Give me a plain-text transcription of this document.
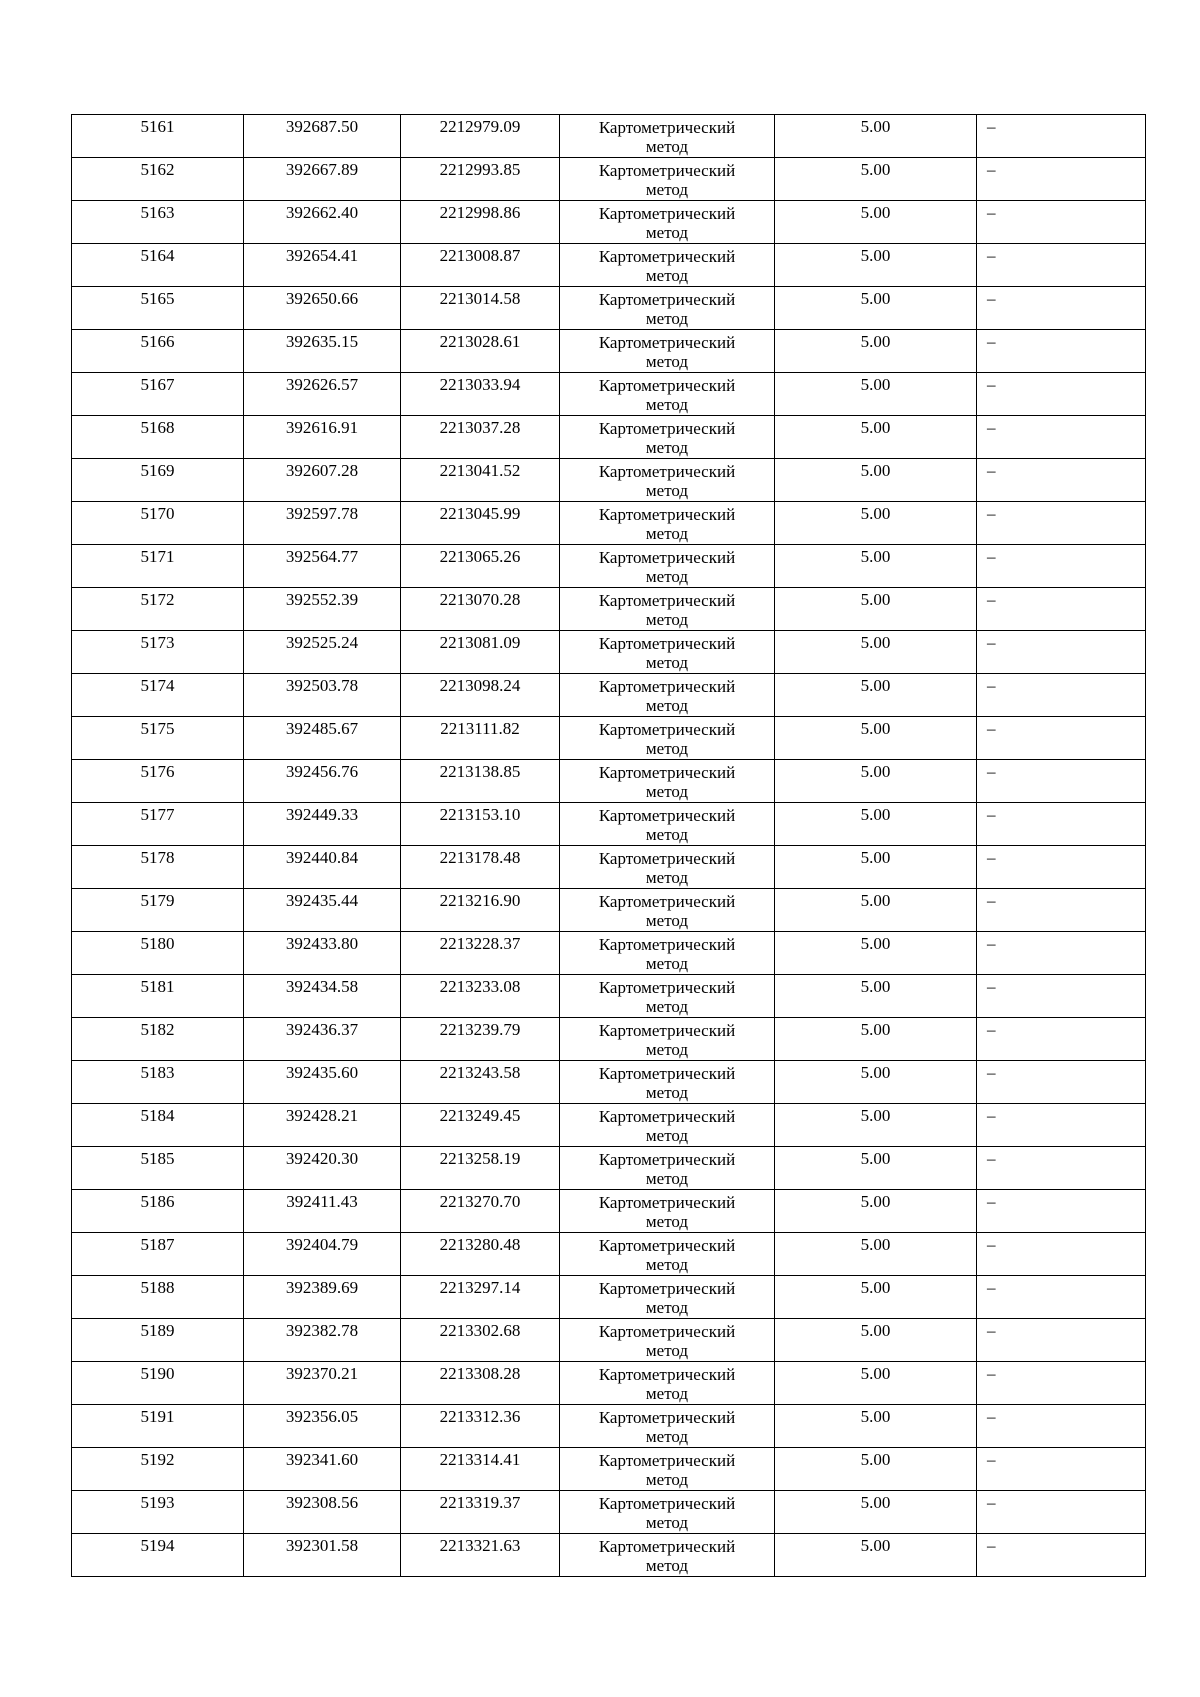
5161	392687.50	2212979.09	Картометрический
метод	5.00	–

5162	392667.89	2212993.85	Картометрический
метод	5.00	–

5163	392662.40	2212998.86	Картометрический
метод	5.00	–

5164	392654.41	2213008.87	Картометрический
метод	5.00	–

5165	392650.66	2213014.58	Картометрический
метод	5.00	–

5166	392635.15	2213028.61	Картометрический
метод	5.00	–

5167	392626.57	2213033.94	Картометрический
метод	5.00	–

5168	392616.91	2213037.28	Картометрический
метод	5.00	–

5169	392607.28	2213041.52	Картометрический
метод	5.00	–

5170	392597.78	2213045.99	Картометрический
метод	5.00	–

5171	392564.77	2213065.26	Картометрический
метод	5.00	–

5172	392552.39	2213070.28	Картометрический
метод	5.00	–

5173	392525.24	2213081.09	Картометрический
метод	5.00	–

5174	392503.78	2213098.24	Картометрический
метод	5.00	–

5175	392485.67	2213111.82	Картометрический
метод	5.00	–

5176	392456.76	2213138.85	Картометрический
метод	5.00	–

5177	392449.33	2213153.10	Картометрический
метод	5.00	–

5178	392440.84	2213178.48	Картометрический
метод	5.00	–

5179	392435.44	2213216.90	Картометрический
метод	5.00	–

5180	392433.80	2213228.37	Картометрический
метод	5.00	–

5181	392434.58	2213233.08	Картометрический
метод	5.00	–

5182	392436.37	2213239.79	Картометрический
метод	5.00	–

5183	392435.60	2213243.58	Картометрический
метод	5.00	–

5184	392428.21	2213249.45	Картометрический
метод	5.00	–

5185	392420.30	2213258.19	Картометрический
метод	5.00	–

5186	392411.43	2213270.70	Картометрический
метод	5.00	–

5187	392404.79	2213280.48	Картометрический
метод	5.00	–

5188	392389.69	2213297.14	Картометрический
метод	5.00	–

5189	392382.78	2213302.68	Картометрический
метод	5.00	–

5190	392370.21	2213308.28	Картометрический
метод	5.00	–

5191	392356.05	2213312.36	Картометрический
метод	5.00	–

5192	392341.60	2213314.41	Картометрический
метод	5.00	–

5193	392308.56	2213319.37	Картометрический
метод	5.00	–

5194	392301.58	2213321.63	Картометрический
метод	5.00	–
